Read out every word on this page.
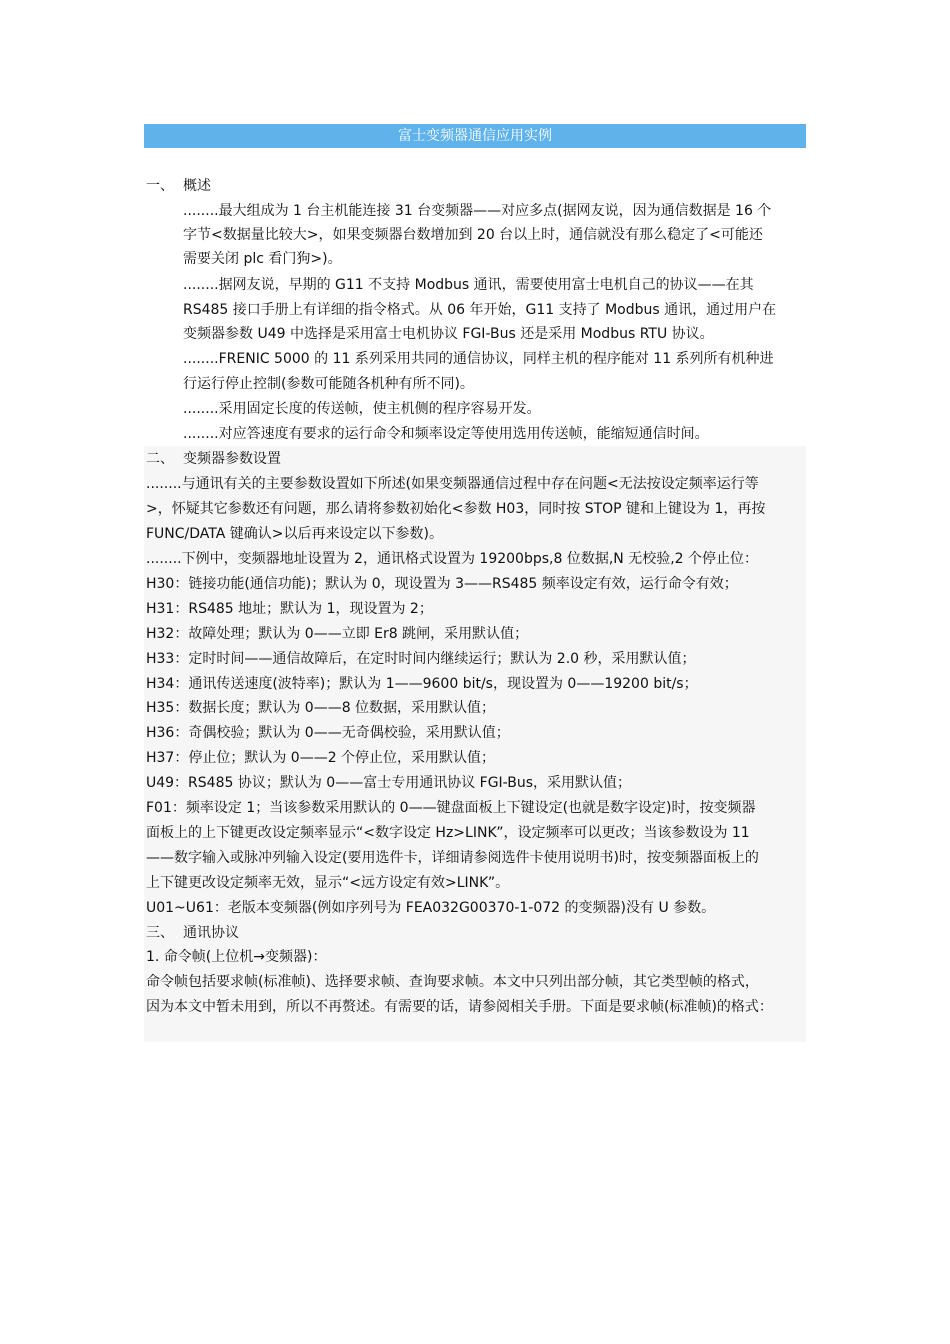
富士变频器通信应用实例
一、 概述
........最大组成为 1 台主机能连接 31 台变频器——对应多点(据网友说，因为通信数据是 16 个
字节<数据量比较大>，如果变频器台数增加到 20 台以上时，通信就没有那么稳定了<可能还
需要关闭 plc 看门狗>)。
........据网友说，早期的 G11 不支持 Modbus 通讯，需要使用富士电机自己的协议——在其
RS485 接口手册上有详细的指令格式。从 06 年开始，G11 支持了 Modbus 通讯，通过用户在
变频器参数 U49 中选择是采用富士电机协议 FGI-Bus 还是采用 Modbus RTU 协议。
........FRENIC 5000 的 11 系列采用共同的通信协议，同样主机的程序能对 11 系列所有机种进
行运行停止控制(参数可能随各机种有所不同)。
........采用固定长度的传送帧，使主机侧的程序容易开发。
........对应答速度有要求的运行命令和频率设定等使用选用传送帧，能缩短通信时间。
二、 变频器参数设置
........与通讯有关的主要参数设置如下所述(如果变频器通信过程中存在问题<无法按设定频率运行等
>，怀疑其它参数还有问题，那么请将参数初始化<参数 H03，同时按 STOP 键和上键设为 1，再按
FUNC/DATA 键确认>以后再来设定以下参数)。
........下例中，变频器地址设置为 2，通讯格式设置为 19200bps,8 位数据,N 无校验,2 个停止位：
H30：链接功能(通信功能)；默认为 0，现设置为 3——RS485 频率设定有效，运行命令有效；
H31：RS485 地址；默认为 1，现设置为 2；
H32：故障处理；默认为 0——立即 Er8 跳闸，采用默认值；
H33：定时时间——通信故障后，在定时时间内继续运行；默认为 2.0 秒，采用默认值；
H34：通讯传送速度(波特率)；默认为 1——9600 bit/s，现设置为 0——19200 bit/s；
H35：数据长度；默认为 0——8 位数据，采用默认值；
H36：奇偶校验；默认为 0——无奇偶校验，采用默认值；
H37：停止位；默认为 0——2 个停止位，采用默认值；
U49：RS485 协议；默认为 0——富士专用通讯协议 FGI-Bus，采用默认值；
F01：频率设定 1；当该参数采用默认的 0——键盘面板上下键设定(也就是数字设定)时，按变频器
面板上的上下键更改设定频率显示“<数字设定 Hz>LINK”，设定频率可以更改；当该参数设为 11
——数字输入或脉冲列输入设定(要用选件卡，详细请参阅选件卡使用说明书)时，按变频器面板上的
上下键更改设定频率无效，显示“<远方设定有效>LINK”。
U01~U61：老版本变频器(例如序列号为 FEA032G00370-1-072 的变频器)没有 U 参数。
三、 通讯协议
1. 命令帧(上位机→变频器)：
命令帧包括要求帧(标准帧)、选择要求帧、查询要求帧。本文中只列出部分帧，其它类型帧的格式，
因为本文中暂未用到，所以不再赘述。有需要的话，请参阅相关手册。下面是要求帧(标准帧)的格式：
